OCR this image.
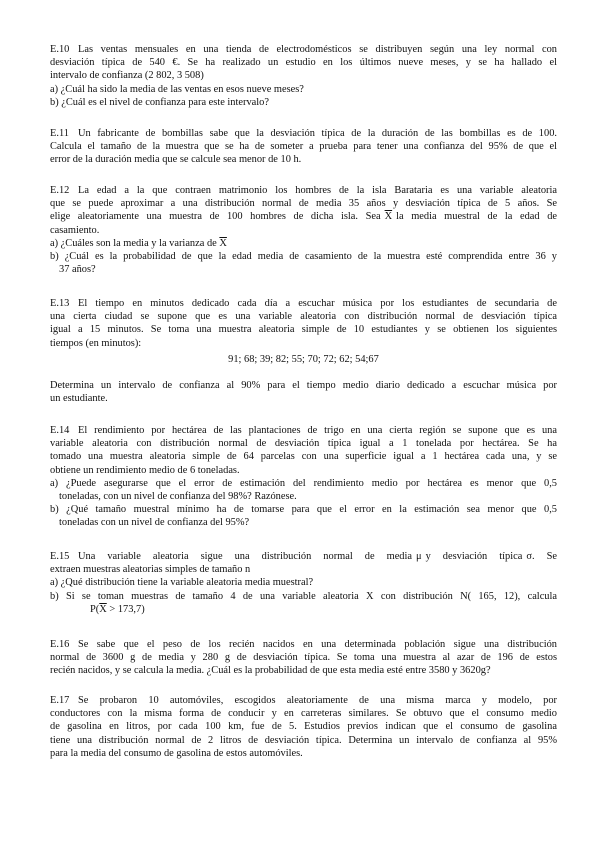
E.10 Las ventas mensuales en una tienda de electrodomésticos se distribuyen según una ley normal con
desviación típica de 540 €. Se ha realizado un estudio en los últimos nueve meses, y se ha hallado el
intervalo de confianza (2 802, 3 508)
a) ¿Cuál ha sido la media de las ventas en esos nueve meses?
b) ¿Cuál es el nivel de confianza para este intervalo?
E.11 Un fabricante de bombillas sabe que la desviación típica de la duración de las bombillas es de 100.
Calcula el tamaño de la muestra que se ha de someter a prueba para tener una confianza del 95% de que el
error de la duración media que se calcule sea menor de 10 h.
E.12 La edad a la que contraen matrimonio los hombres de la isla Barataria es una variable aleatoria
que se puede aproximar a una distribución normal de media 35 años y desviación típica de 5 años. Se
elige aleatoriamente una muestra de 100 hombres de dicha isla. Sea $\overline{X}$ la media muestral de la edad de
casamiento.
a) ¿Cuáles son la media y la varianza de $\overline{X}$
b) ¿Cuál es la probabilidad de que la edad media de casamiento de la muestra esté comprendida entre 36 y
37 años?
E.13 El tiempo en minutos dedicado cada día a escuchar música por los estudiantes de secundaria de
una cierta ciudad se supone que es una variable aleatoria con distribución normal de desviación típica
igual a 15 minutos. Se toma una muestra aleatoria simple de 10 estudiantes y se obtienen los siguientes
tiempos (en minutos):
91; 68; 39; 82; 55; 70; 72; 62; 54;67
Determina un intervalo de confianza al 90% para el tiempo medio diario dedicado a escuchar música por
un estudiante.
E.14 El rendimiento por hectárea de las plantaciones de trigo en una cierta región se supone que es una
variable aleatoria con distribución normal de desviación típica igual a 1 tonelada por hectárea. Se ha
tomado una muestra aleatoria simple de 64 parcelas con una superficie igual a 1 hectárea cada una, y se
obtiene un rendimiento medio de 6 toneladas.
a) ¿Puede asegurarse que el error de estimación del rendimiento medio por hectárea es menor que 0,5
toneladas, con un nivel de confianza del 98%? Razónese.
b) ¿Qué tamaño muestral mínimo ha de tomarse para que el error en la estimación sea menor que 0,5
toneladas con un nivel de confianza del 95%?
E.15 Una variable aleatoria sigue una distribución normal de media μ y desviación típica σ. Se
extraen muestras aleatorias simples de tamaño n
a) ¿Qué distribución tiene la variable aleatoria media muestral?
b) Si se toman muestras de tamaño 4 de una variable aleatoria X con distribución N( 165, 12), calcula
$P(\overline{X} > 173,7)$
E.16 Se sabe que el peso de los recién nacidos en una determinada población sigue una distribución
normal de 3600 g de media y 280 g de desviación típica. Se toma una muestra al azar de 196 de estos
recién nacidos, y se calcula la media. ¿Cuál es la probabilidad de que esta media esté entre 3580 y 3620g?
E.17 Se probaron 10 automóviles, escogidos aleatoriamente de una misma marca y modelo, por
conductores con la misma forma de conducir y en carreteras similares. Se obtuvo que el consumo medio
de gasolina en litros, por cada 100 km, fue de 5. Estudios previos indican que el consumo de gasolina
tiene una distribución normal de 2 litros de desviación típica. Determina un intervalo de confianza al 95%
para la media del consumo de gasolina de estos automóviles.
